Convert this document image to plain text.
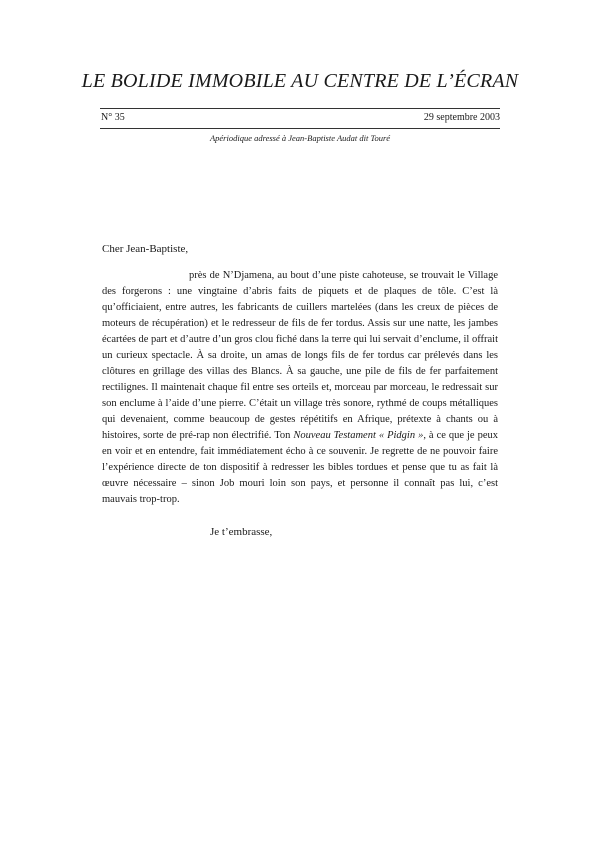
LE BOLIDE IMMOBILE AU CENTRE DE L’ÉCRAN
N° 35	29 septembre 2003
Apériodique adressé à Jean-Baptiste Audat dit Touré
Cher Jean-Baptiste,

près de N’Djamena, au bout d’une piste cahoteuse, se trouvait le Village des forgerons : une vingtaine d’abris faits de piquets et de plaques de tôle. C’est là qu’officiaient, entre autres, les fabricants de cuillers martelées (dans les creux de pièces de moteurs de récupération) et le redresseur de fils de fer tordus. Assis sur une natte, les jambes écartées de part et d’autre d’un gros clou fiché dans la terre qui lui servait d’enclume, il offrait un curieux spectacle. À sa droite, un amas de longs fils de fer tordus car prélevés dans les clôtures en grillage des villas des Blancs. À sa gauche, une pile de fils de fer parfaitement rectilignes. Il maintenait chaque fil entre ses orteils et, morceau par morceau, le redressait sur son enclume à l’aide d’une pierre. C’était un village très sonore, rythmé de coups métalliques qui devenaient, comme beaucoup de gestes répétitifs en Afrique, prétexte à chants ou à histoires, sorte de pré-rap non électrifié. Ton Nouveau Testament « Pidgin », à ce que je peux en voir et en entendre, fait immédiatement écho à ce souvenir. Je regrette de ne pouvoir faire l’expérience directe de ton dispositif à redresser les bibles tordues et pense que tu as fait là œuvre nécessaire – sinon Job mouri loin son pays, et personne il connaît pas lui, c’est mauvais trop-trop.

Je t’embrasse,
